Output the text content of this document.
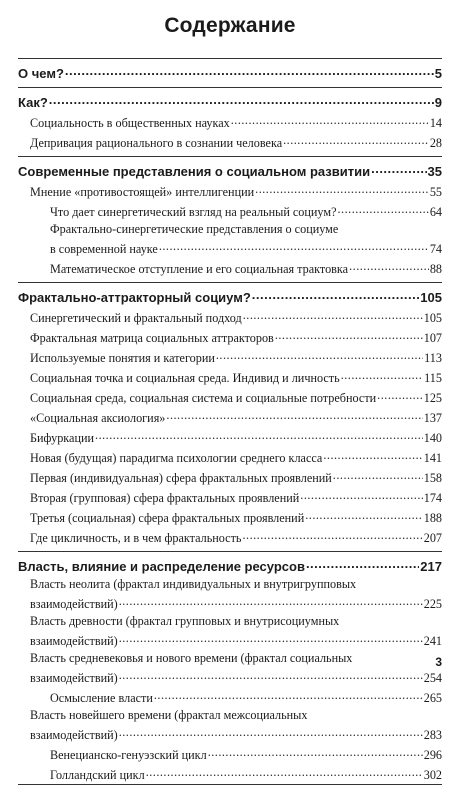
Содержание
О чем? .....	5
Как? .....	9
Социальность в общественных науках .....	14
Депривация рационального в сознании человека .....	28
Современные представления о социальном развитии .....	35
Мнение «противостоящей» интеллигенции .....	55
Что дает синергетический взгляд на реальный социум? .....	64
Фрактально-синергетические представления о социуме
в современной науке .....	74
Математическое отступление и его социальная трактовка .....	88
Фрактально-аттракторный социум? .....	105
Синергетический и фрактальный подход .....	105
Фрактальная матрица социальных аттракторов .....	107
Используемые понятия и категории .....	113
Социальная точка и социальная среда. Индивид и личность .....	115
Социальная среда, социальная система и социальные потребности .....	125
«Социальная аксиология» .....	137
Бифуркации .....	140
Новая (будущая) парадигма психологии среднего класса .....	141
Первая (индивидуальная) сфера фрактальных проявлений .....	158
Вторая (групповая) сфера фрактальных проявлений .....	174
Третья (социальная) сфера фрактальных проявлений .....	188
Где цикличность, и в чем фрактальность .....	207
Власть, влияние и распределение ресурсов .....	217
Власть неолита (фрактал индивидуальных и внутригрупповых
взаимодействий) .....	225
Власть древности (фрактал групповых и внутрисоциумных
взаимодействий) .....	241
Власть средневековья и нового времени (фрактал социальных
взаимодействий) .....	254
Осмысление власти .....	265
Власть новейшего времени (фрактал межсоциальных
взаимодействий) .....	283
Венецианско-генуэзский цикл .....	296
Голландский цикл .....	302
3
